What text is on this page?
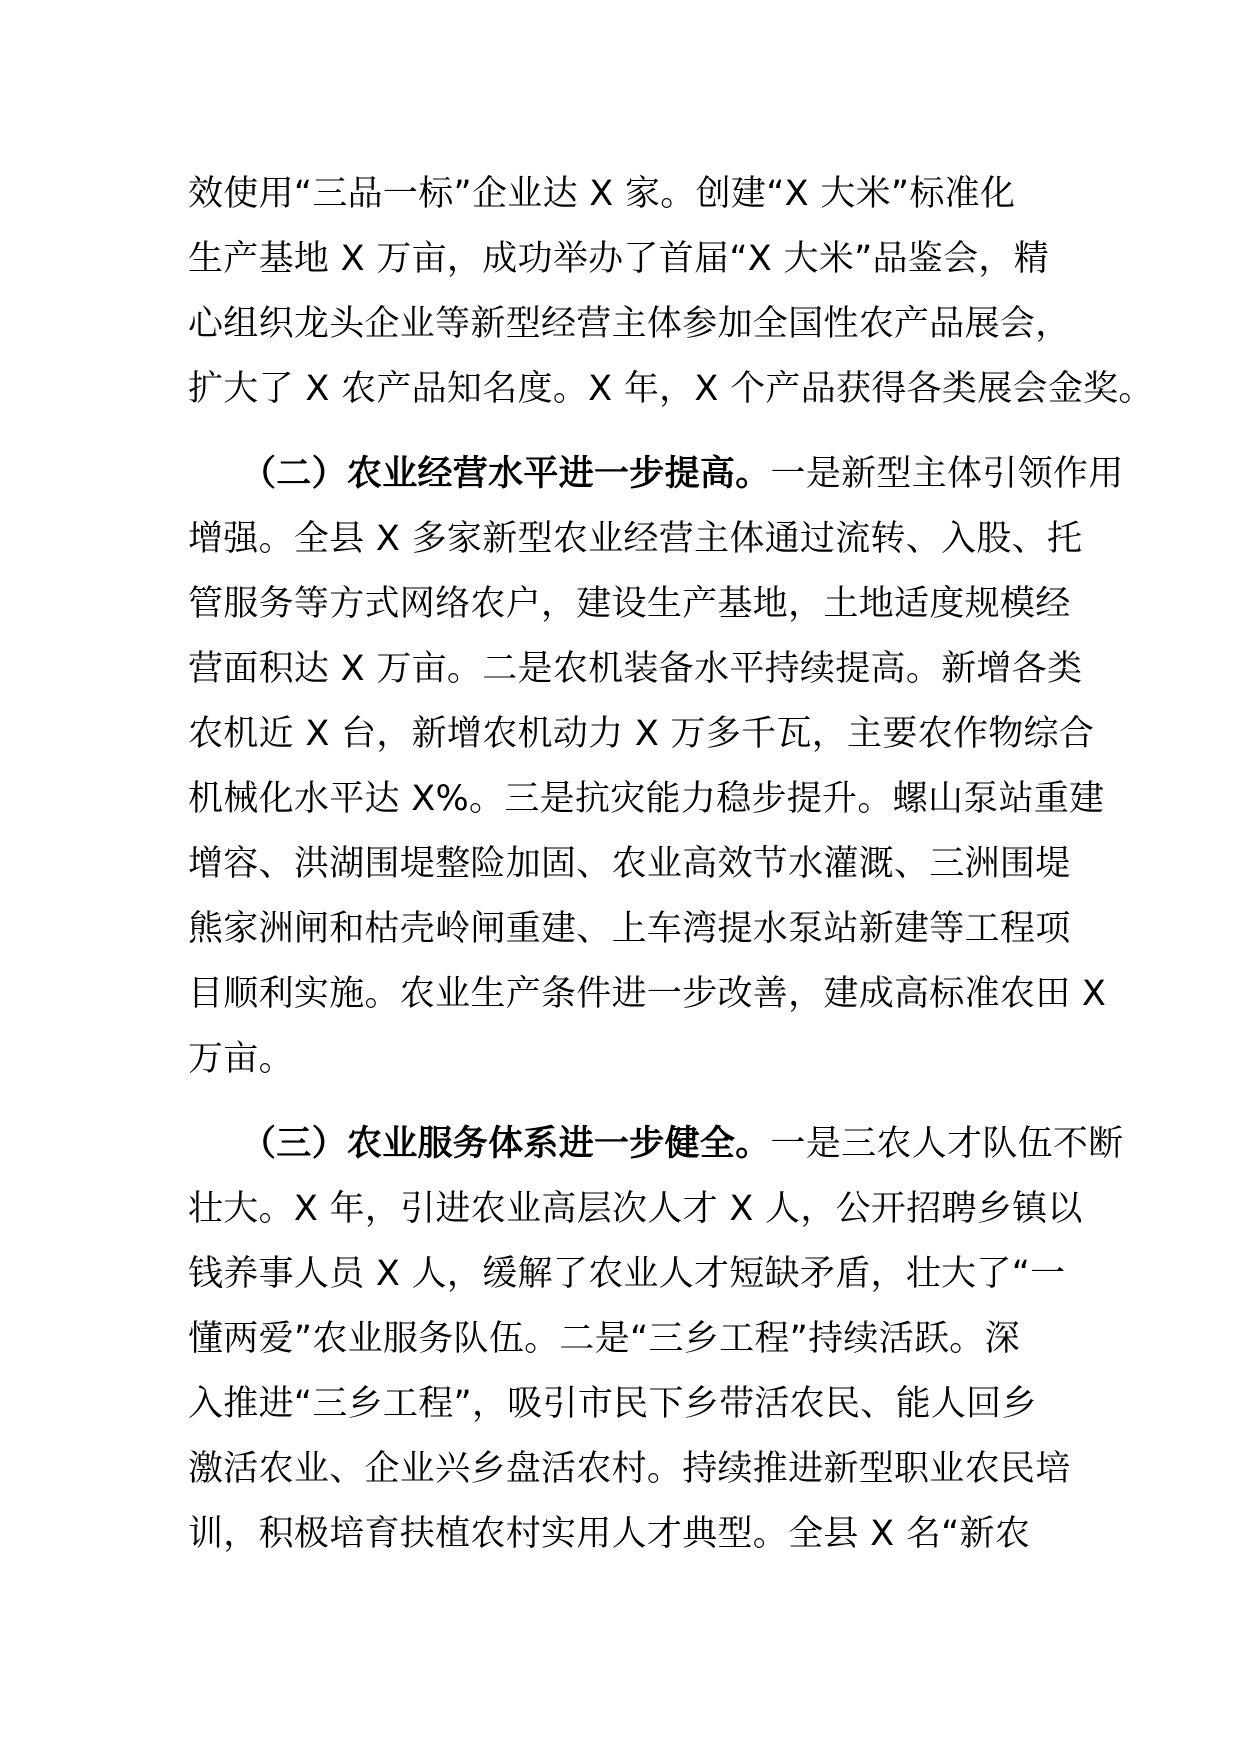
效使用“三品一标”企业达 X 家。创建“X 大米”标准化
生产基地 X 万亩，成功举办了首届“X 大米”品鉴会，精
心组织龙头企业等新型经营主体参加全国性农产品展会，
扩大了 X 农产品知名度。X 年，X 个产品获得各类展会金奖。
（二）农业经营水平进一步提高。一是新型主体引领作用
增强。全县 X 多家新型农业经营主体通过流转、入股、托
管服务等方式网络农户，建设生产基地，土地适度规模经
营面积达 X 万亩。二是农机装备水平持续提高。新增各类
农机近 X 台，新增农机动力 X 万多千瓦，主要农作物综合
机械化水平达 X%。三是抗灾能力稳步提升。螺山泵站重建
增容、洪湖围堤整险加固、农业高效节水灌溉、三洲围堤
熊家洲闸和枯壳岭闸重建、上车湾提水泵站新建等工程项
目顺利实施。农业生产条件进一步改善，建成高标准农田 X
万亩。
（三）农业服务体系进一步健全。一是三农人才队伍不断
壮大。X 年，引进农业高层次人才 X 人，公开招聘乡镇以
钱养事人员 X 人，缓解了农业人才短缺矛盾，壮大了“一
懂两爱”农业服务队伍。二是“三乡工程”持续活跃。深
入推进“三乡工程”，吸引市民下乡带活农民、能人回乡
激活农业、企业兴乡盘活农村。持续推进新型职业农民培
训，积极培育扶植农村实用人才典型。全县 X 名“新农
